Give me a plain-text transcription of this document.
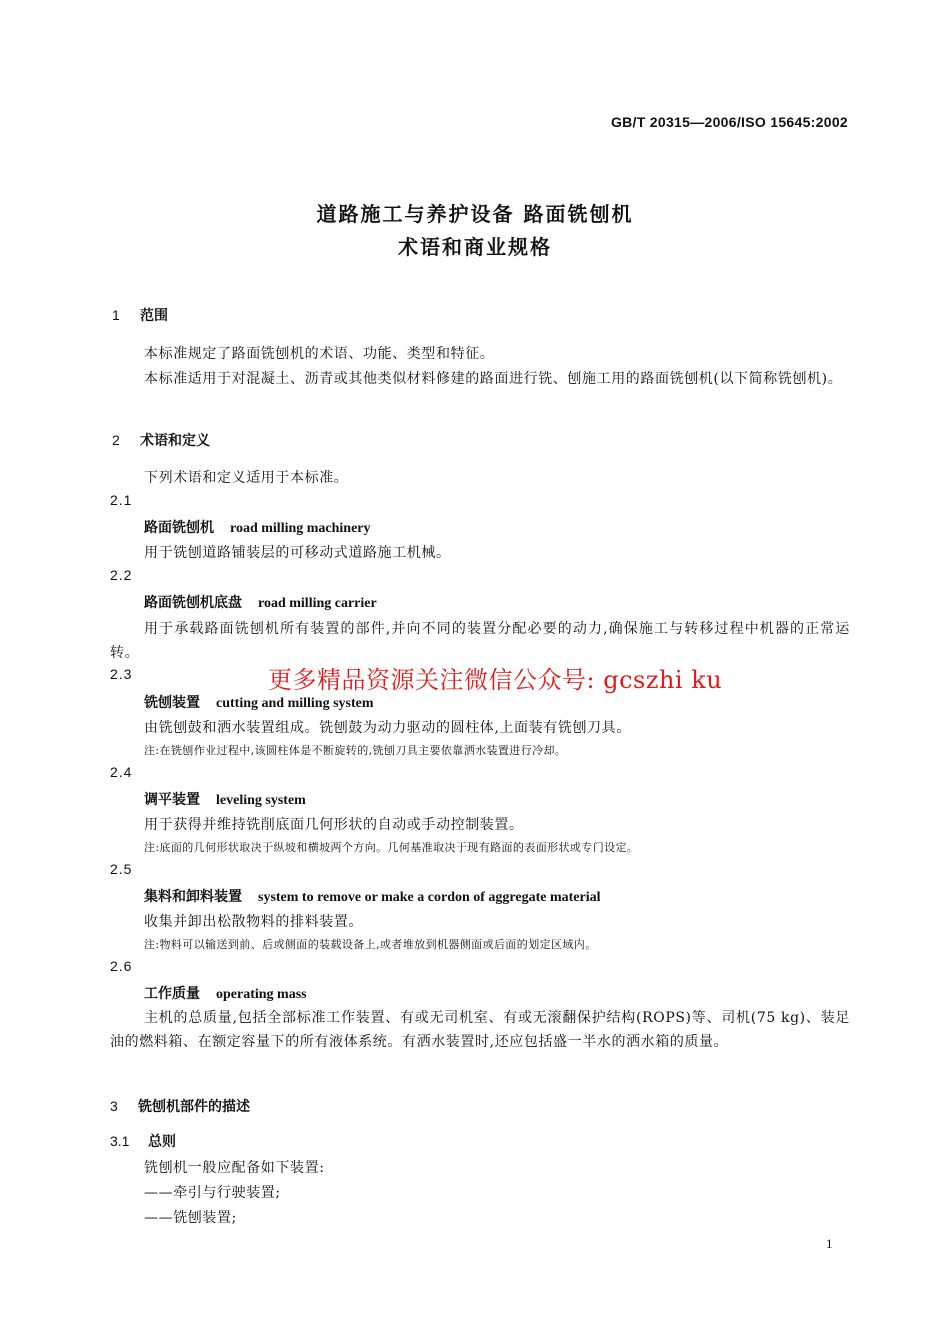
GB/T 20315—2006/ISO 15645:2002
道路施工与养护设备 路面铣刨机
术语和商业规格
1 范围
本标准规定了路面铣刨机的术语、功能、类型和特征。
本标准适用于对混凝土、沥青或其他类似材料修建的路面进行铣、刨施工用的路面铣刨机(以下简称铣刨机)。
2 术语和定义
下列术语和定义适用于本标准。
2.1
路面铣刨机 road milling machinery
用于铣刨道路铺装层的可移动式道路施工机械。
2.2
路面铣刨机底盘 road milling carrier
用于承载路面铣刨机所有装置的部件,并向不同的装置分配必要的动力,确保施工与转移过程中机器的正常运转。
2.3
铣刨装置 cutting and milling system
由铣刨鼓和洒水装置组成。铣刨鼓为动力驱动的圆柱体,上面装有铣刨刀具。
注:在铣刨作业过程中,该圆柱体是不断旋转的,铣刨刀具主要依靠洒水装置进行冷却。
2.4
调平装置 leveling system
用于获得并维持铣削底面几何形状的自动或手动控制装置。
注:底面的几何形状取决于纵坡和横坡两个方向。几何基准取决于现有路面的表面形状或专门设定。
2.5
集料和卸料装置 system to remove or make a cordon of aggregate material
收集并卸出松散物料的排料装置。
注:物料可以输送到前、后或侧面的装载设备上,或者堆放到机器侧面或后面的划定区域内。
2.6
工作质量 operating mass
主机的总质量,包括全部标准工作装置、有或无司机室、有或无滚翻保护结构(ROPS)等、司机(75 kg)、装足油的燃料箱、在额定容量下的所有液体系统。有洒水装置时,还应包括盛一半水的洒水箱的质量。
3 铣刨机部件的描述
3.1 总则
铣刨机一般应配备如下装置:
——牵引与行驶装置;
——铣刨装置;
更多精品资源关注微信公众号: gcszhi ku
1
